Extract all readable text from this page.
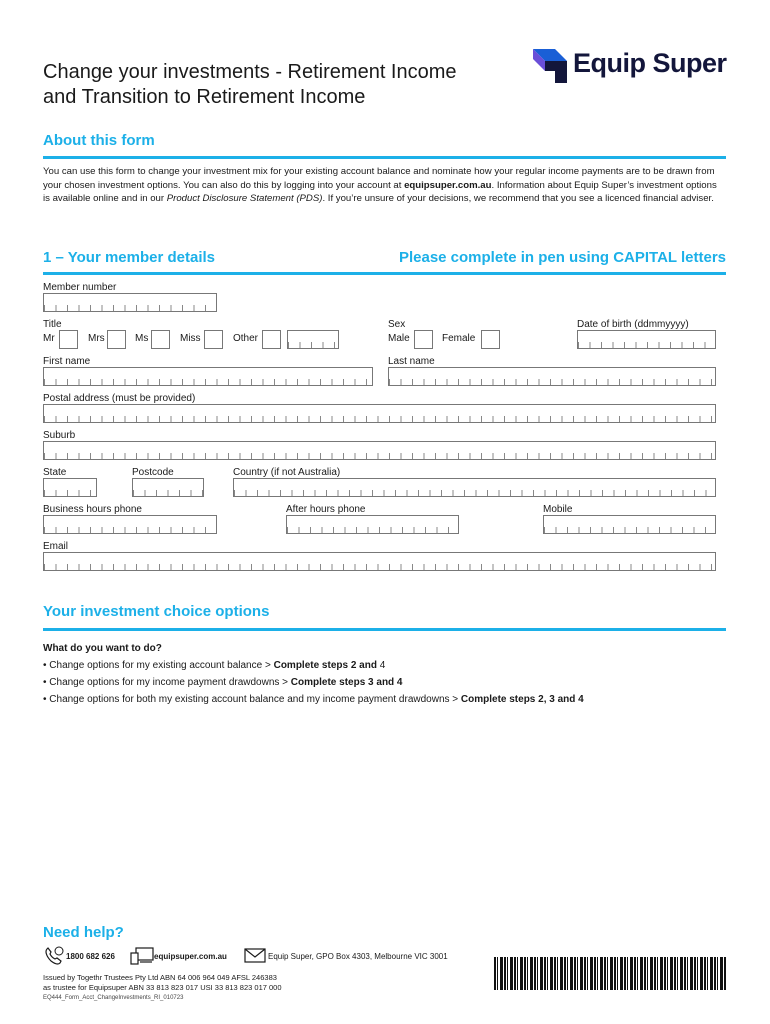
Change your investments - Retirement Income
and Transition to Retirement Income
Equip Super
About this form
You can use this form to change your investment mix for your existing account balance and nominate how your regular income payments are to be drawn from your chosen investment options. You can also do this by logging into your account at equipsuper.com.au. Information about Equip Super’s investment options is available online and in our Product Disclosure Statement (PDS). If you’re unsure of your decisions, we recommend that you see a licenced financial adviser.
1 – Your member details	Please complete in pen using CAPITAL letters
Member number
Title
Mr	Mrs	Ms	Miss	Other
Sex
Male	Female
Date of birth (ddmmyyyy)
First name	Last name
Postal address (must be provided)
Suburb
State	Postcode	Country (if not Australia)
Business hours phone	After hours phone	Mobile
Email
Your investment choice options
What do you want to do?
• Change options for my existing account balance > Complete steps 2 and 4
• Change options for my income payment drawdowns > Complete steps 3 and 4
• Change options for both my existing account balance and my income payment drawdowns > Complete steps 2, 3 and 4
Need help?
1800 682 626	equipsuper.com.au	Equip Super, GPO Box 4303, Melbourne VIC 3001
Issued by Togethr Trustees Pty Ltd ABN 64 006 964 049 AFSL 246383
as trustee for Equipsuper ABN 33 813 823 017 USI 33 813 823 017 000
EQ444_Form_Acct_ChangeInvestments_RI_010723
